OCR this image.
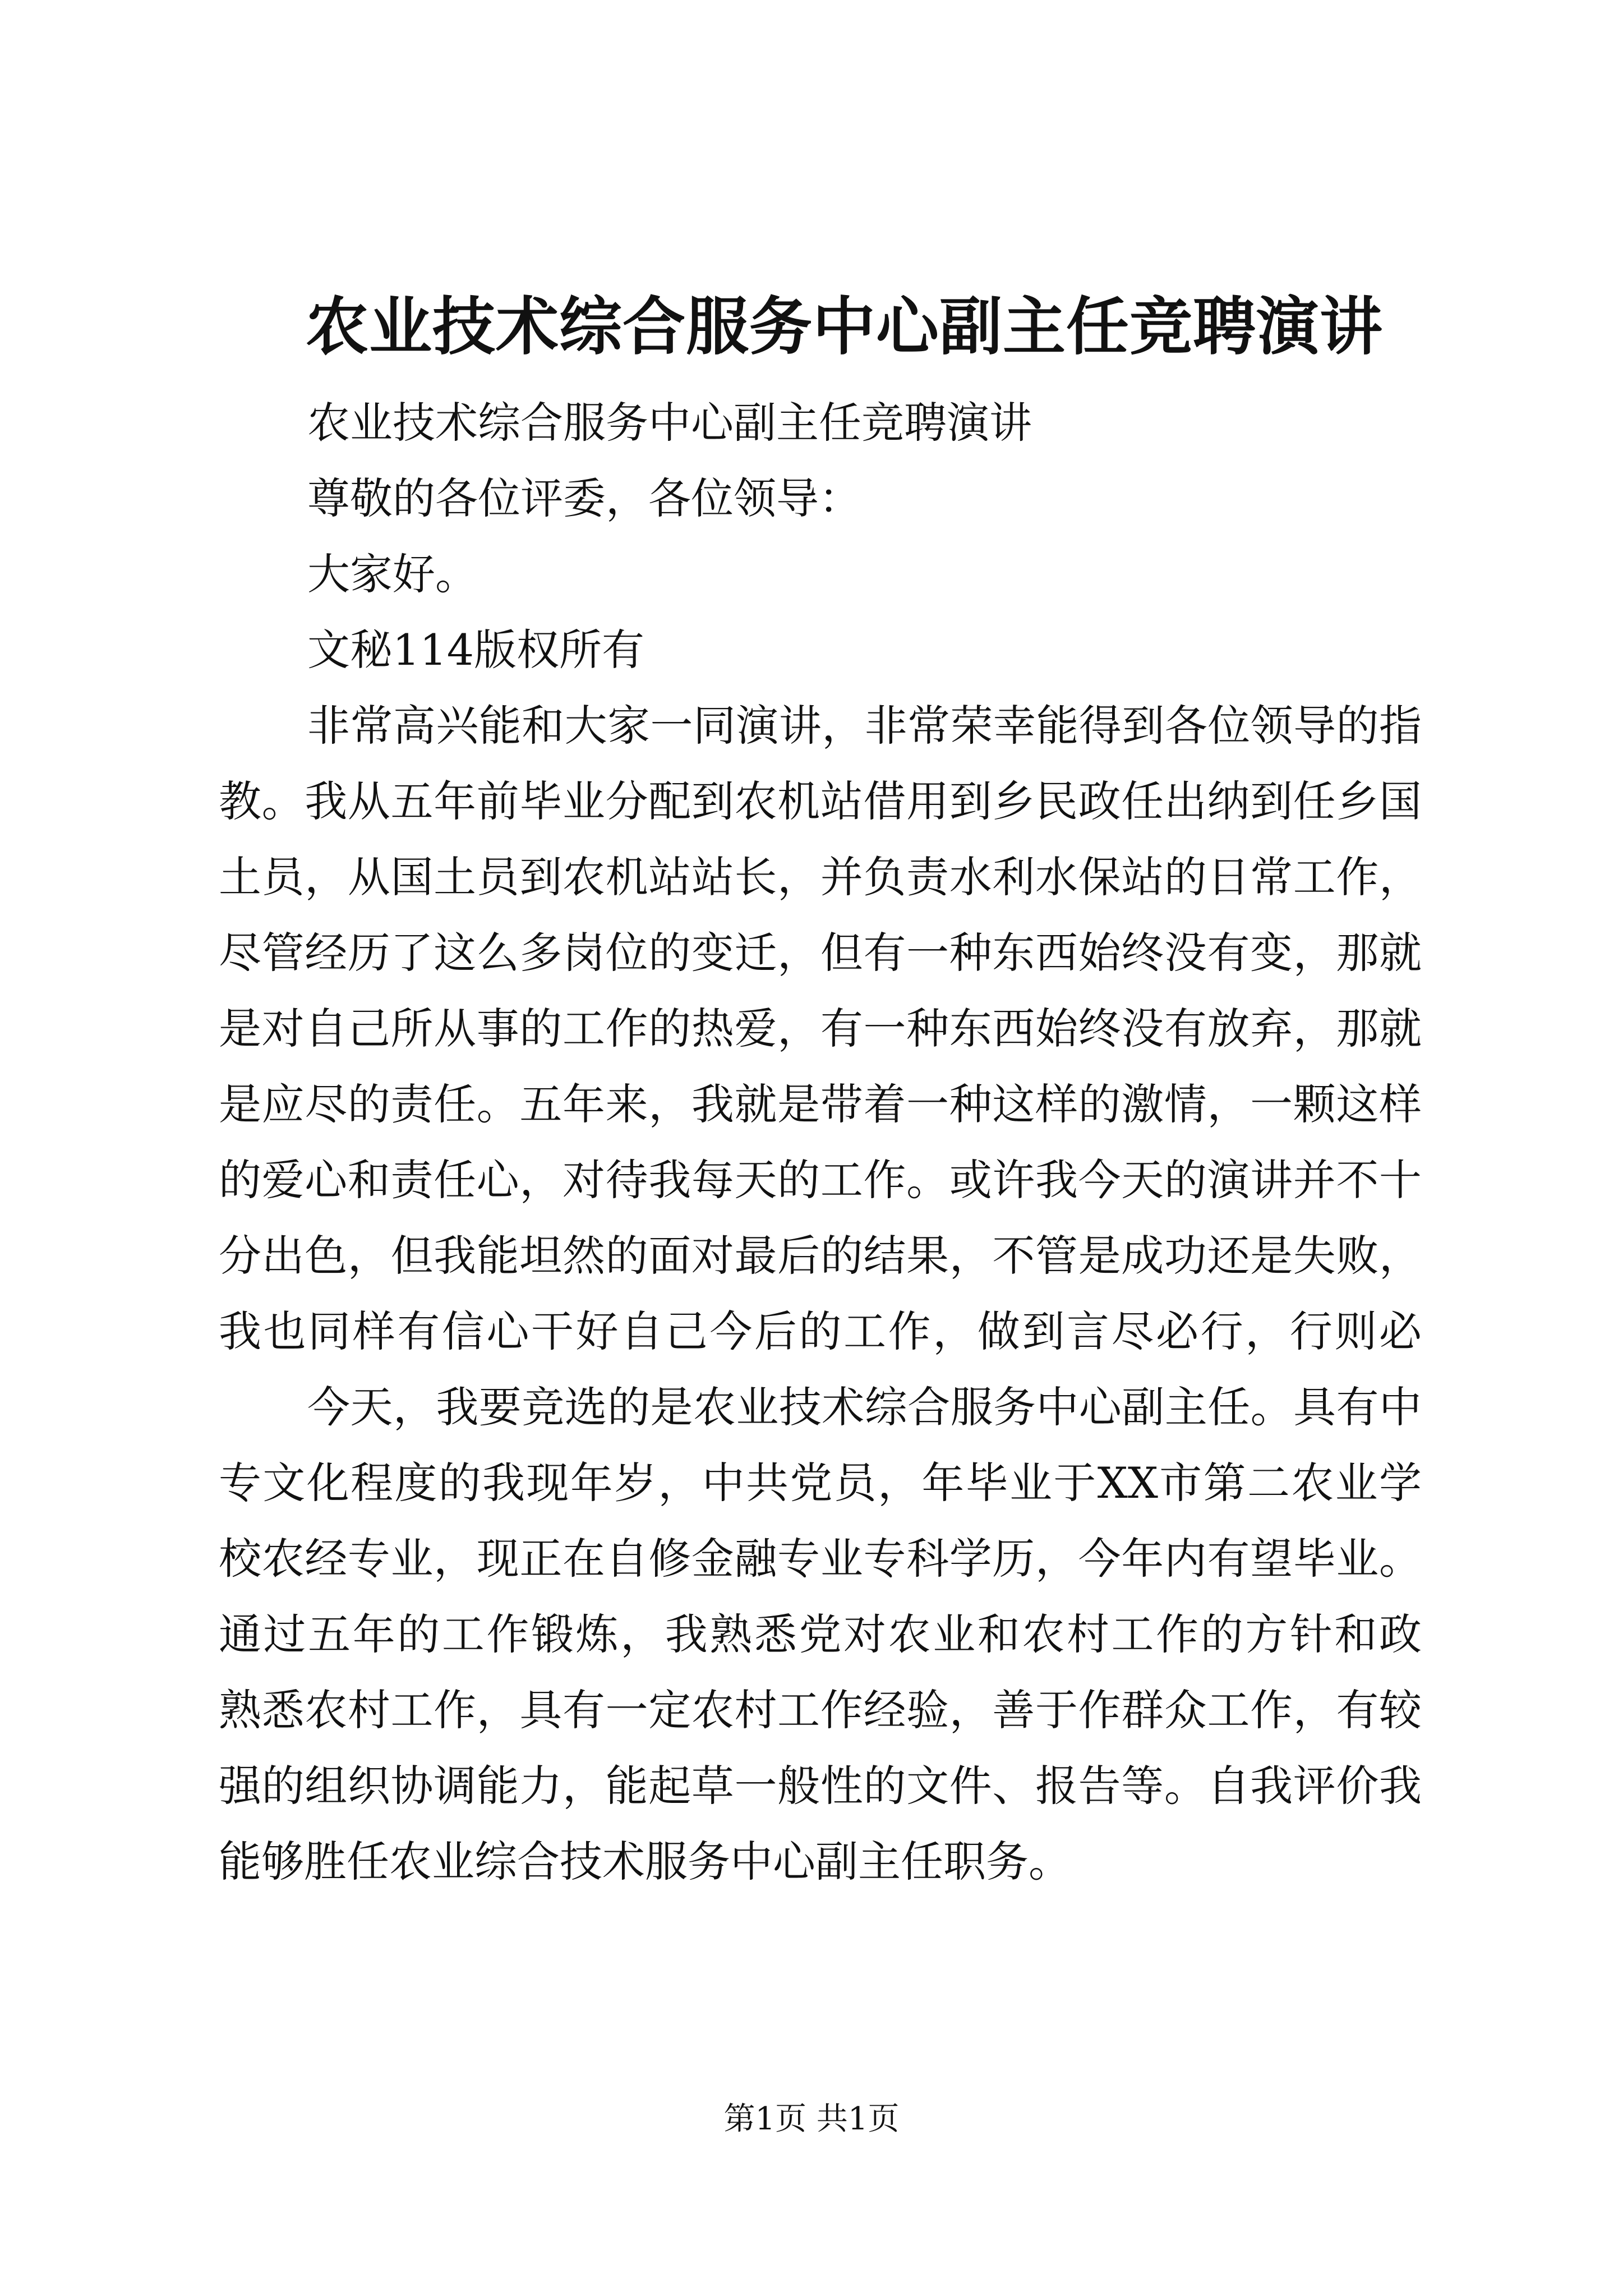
农业技术综合服务中心副主任竞聘演讲

农业技术综合服务中心副主任竞聘演讲

尊敬的各位评委，各位领导：

大家好。

文秘114版权所有

非常高兴能和大家一同演讲，非常荣幸能得到各位领导的指

教。我从五年前毕业分配到农机站借用到乡民政任出纳到任乡国

土员，从国土员到农机站站长，并负责水利水保站的日常工作，

尽管经历了这么多岗位的变迁，但有一种东西始终没有变，那就

是对自己所从事的工作的热爱，有一种东西始终没有放弃，那就

是应尽的责任。五年来，我就是带着一种这样的激情，一颗这样

的爱心和责任心，对待我每天的工作。或许我今天的演讲并不十

分出色，但我能坦然的面对最后的结果，不管是成功还是失败，

我也同样有信心干好自己今后的工作，做到言尽必行，行则必

今天，我要竞选的是农业技术综合服务中心副主任。具有中

专文化程度的我现年岁，中共党员，年毕业于XX市第二农业学

校农经专业，现正在自修金融专业专科学历，今年内有望毕业。

通过五年的工作锻炼，我熟悉党对农业和农村工作的方针和政

熟悉农村工作，具有一定农村工作经验，善于作群众工作，有较

强的组织协调能力，能起草一般性的文件、报告等。自我评价我

能够胜任农业综合技术服务中心副主任职务。

第1页 共1页
